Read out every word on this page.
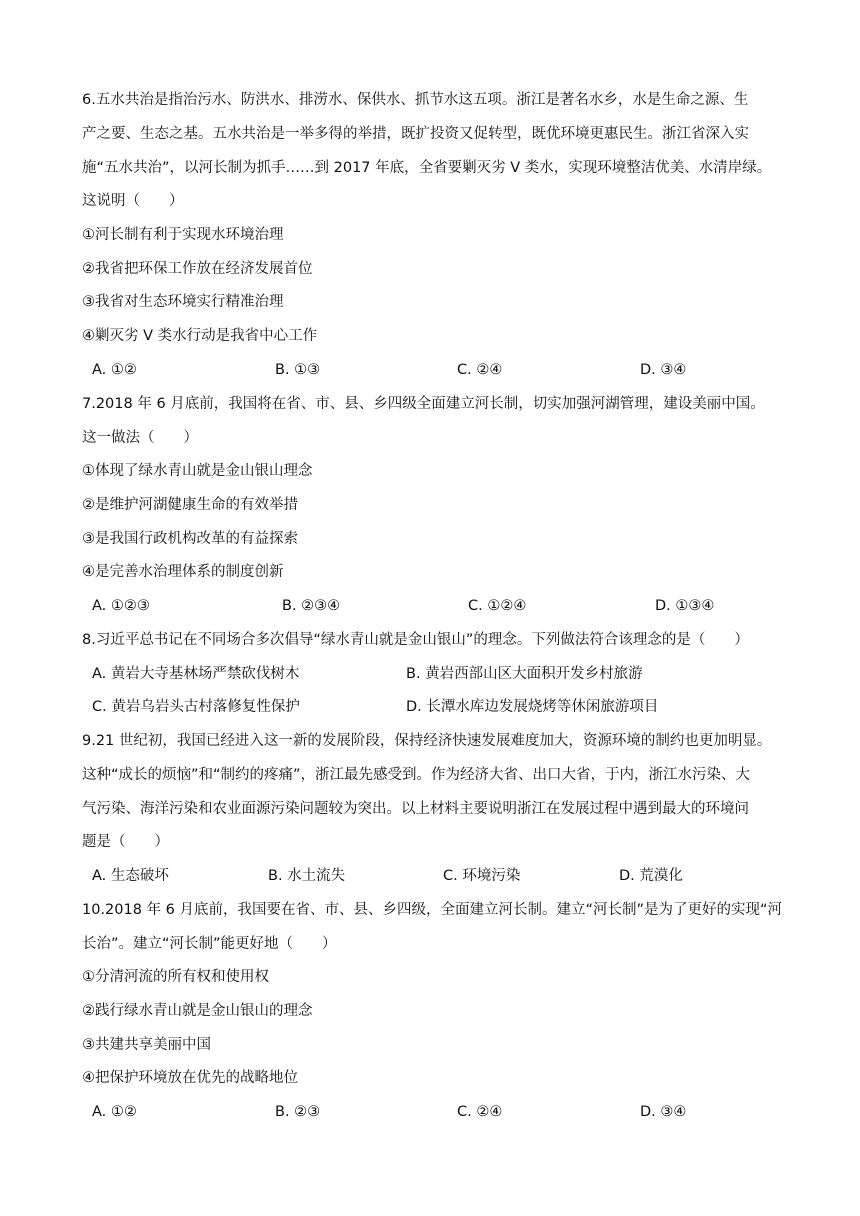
6.五水共治是指治污水、防洪水、排涝水、保供水、抓节水这五项。浙江是著名水乡，水是生命之源、生
产之要、生态之基。五水共治是一举多得的举措，既扩投资又促转型，既优环境更惠民生。浙江省深入实
施“五水共治”，以河长制为抓手……到 2017 年底，全省要剿灭劣 V 类水，实现环境整洁优美、水清岸绿。
这说明（　　）
①河长制有利于实现水环境治理
②我省把环保工作放在经济发展首位
③我省对生态环境实行精准治理
④剿灭劣 V 类水行动是我省中心工作
A. ①②	B. ①③	C. ②④	D. ③④
7.2018 年 6 月底前，我国将在省、市、县、乡四级全面建立河长制，切实加强河湖管理，建设美丽中国。
这一做法（　　）
①体现了绿水青山就是金山银山理念
②是维护河湖健康生命的有效举措
③是我国行政机构改革的有益探索
④是完善水治理体系的制度创新
A. ①②③	B. ②③④	C. ①②④	D. ①③④
8.习近平总书记在不同场合多次倡导“绿水青山就是金山银山”的理念。下列做法符合该理念的是（　　）
A. 黄岩大寺基林场严禁砍伐树木	B. 黄岩西部山区大面积开发乡村旅游
C. 黄岩乌岩头古村落修复性保护	D. 长潭水库边发展烧烤等休闲旅游项目
9.21 世纪初，我国已经进入这一新的发展阶段，保持经济快速发展难度加大，资源环境的制约也更加明显。
这种“成长的烦恼”和“制约的疼痛”，浙江最先感受到。作为经济大省、出口大省，于内，浙江水污染、大
气污染、海洋污染和农业面源污染问题较为突出。以上材料主要说明浙江在发展过程中遇到最大的环境问
题是（　　）
A. 生态破坏	B. 水土流失	C. 环境污染	D. 荒漠化
10.2018 年 6 月底前，我国要在省、市、县、乡四级，全面建立河长制。建立“河长制”是为了更好的实现“河
长治”。建立“河长制”能更好地（　　）
①分清河流的所有权和使用权
②践行绿水青山就是金山银山的理念
③共建共享美丽中国
④把保护环境放在优先的战略地位
A. ①②	B. ②③	C. ②④	D. ③④
